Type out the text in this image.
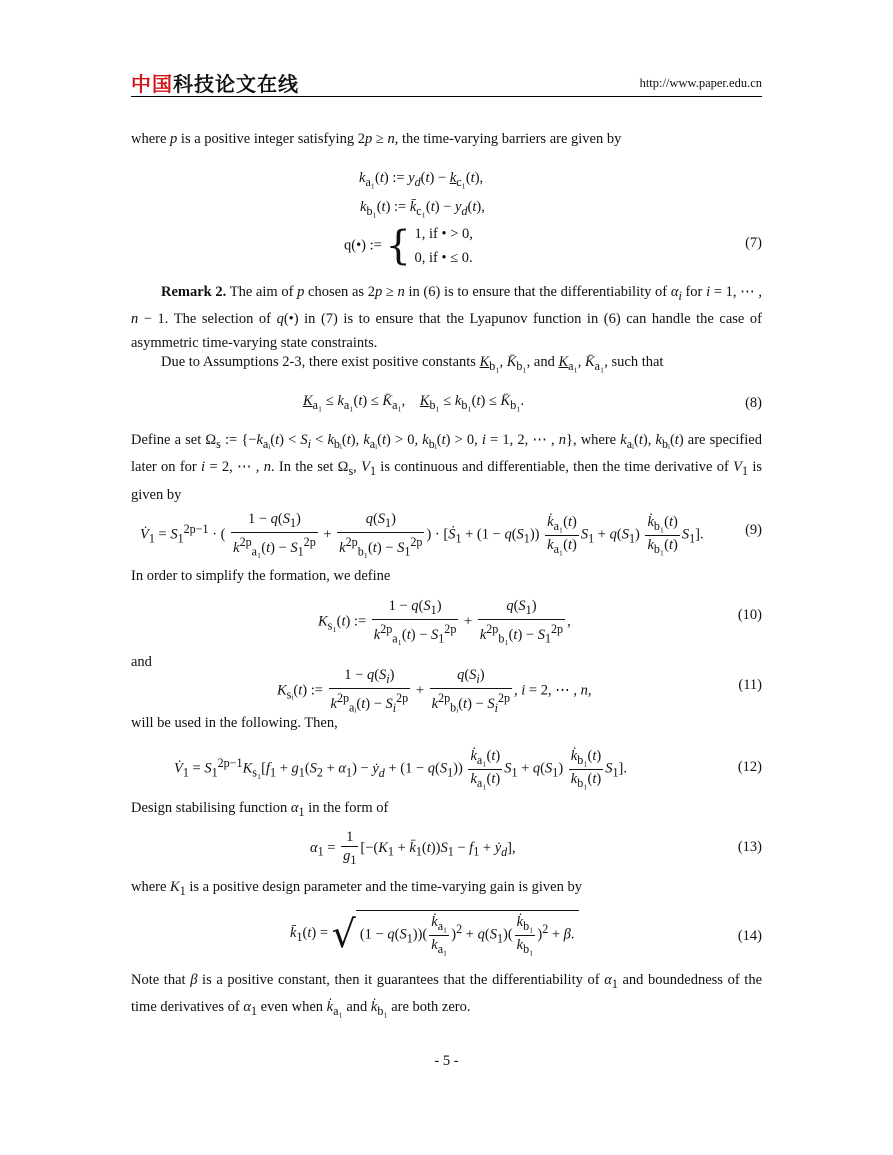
中国科技论文在线	http://www.paper.edu.cn
where p is a positive integer satisfying 2p ≥ n, the time-varying barriers are given by
$k_{a_1}(t)$ := $y_d(t) - k_{c_1}(t)$,
$k_{b_1}(t)$ := $k̄_{c_1}(t) - y_d(t)$,
q(•) := { 1, if • > 0,
0, if • ≤ 0.
(7)
Remark 2. The aim of p chosen as 2p ≥ n in (6) is to ensure that the differentiability of $\alpha_i$ for i = 1, ⋯ , n − 1. The selection of q(•) in (7) is to ensure that the Lyapunov function in (6) can handle the case of asymmetric time-varying state constraints.
Due to Assumptions 2-3, there exist positive constants $K_{b_1}$, $K̄_{b_1}$, and $K_{a_1}$, $K̄_{a_1}$, such that
$K_{a_1} \le k_{a_1}(t)$ ≤ $K̄_{a_1}$,    $K_{b_1} \le k_{b_1}(t)$ ≤ $K̄_{b_1}$.	(8)
Define a set $\Omega_s$ := {$-k_{aᵢ}(t) < S_i < k_{bᵢ}(t)$, $k_{aᵢ}(t) > 0$, $k_{bᵢ}(t) > 0$, i = 1, 2, ⋯ , n}, where $k_{aᵢ}(t)$, $k_{bᵢ}(t)$ are specified later on for i = 2, ⋯ , n. In the set $\Omega_s$, $V_1$ is continuous and differentiable, then the time derivative of $V_1$ is given by
$V̇_1 = S_1^{2p-1}$ · ( $\frac{1 - q(S_1)}{k^{2p}_{a_1}(t) - S_1^{2p}} + \frac{q(S_1)}{k^{2p}_{b_1}(t) - S_1^{2p}}$ ) · [Ṡ$_1$ + $(1 - q(S_1)) \frac{k̇_{a_1}(t)}{k_{a_1}(t)} S_1 + q(S_1) \frac{k̇_{b_1}(t)}{k_{b_1}(t)} S_1$].	(9)
In order to simplify the formation, we define
$K_{s_1}(t)$ := $\frac{1 - q(S_1)}{k^{2p}_{a_1}(t) - S_1^{2p}} + \frac{q(S_1)}{k^{2p}_{b_1}(t) - S_1^{2p}}$ ,	(10)
and
$K_{sᵢ}(t)$ := $\frac{1 - q(S_i)}{k^{2p}_{aᵢ}(t) - S_i^{2p}} + \frac{q(S_i)}{k^{2p}_{bᵢ}(t) - S_i^{2p}}$ , i = 2, ⋯ , n,	(11)
will be used in the following. Then,
$V̇_1 = S_1^{2p-1}K_{s_1}[f_1 + g_1(S_2 + \alpha_1)$ − ẏ$_d$ + $(1 - q(S_1)) \frac{k̇_{a_1}(t)}{k_{a_1}(t)} S_1 + q(S_1) \frac{k̇_{b_1}(t)}{k_{b_1}(t)} S_1$].	(12)
Design stabilising function $\alpha_1$ in the form of
$\alpha_1 = \frac{1}{g_1} [-(K_1$ + $k̄_1(t))S_1 - f_1$ + ẏ$_d$],	(13)
where $K_1$ is a positive design parameter and the time-varying gain is given by
$k̄_1(t)$ = √ $(1 - q(S_1))( \frac{k̇_{a_1}}{k_{a_1}} )^2 + q(S_1)( \frac{k̇_{b_1}}{k_{b_1}} )^2 + \beta$.	(14)
Note that β is a positive constant, then it guarantees that the differentiability of $\alpha_1$ and boundedness of the time derivatives of $\alpha_1$ even when $k̇_{a_1}$ and $k̇_{b_1}$ are both zero.
- 5 -
